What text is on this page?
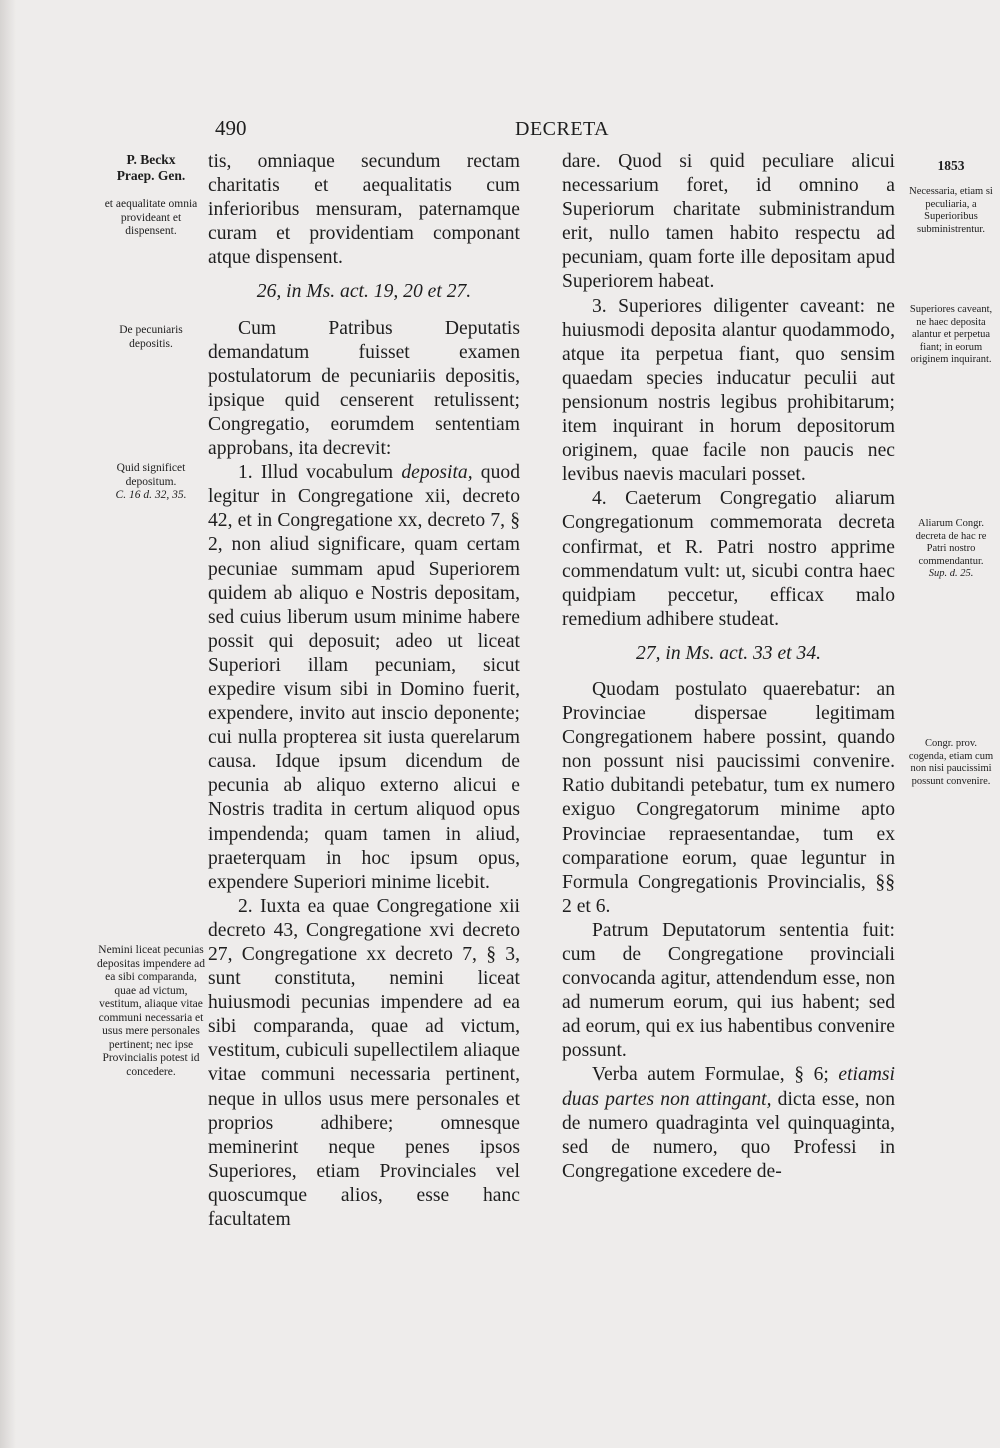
490	DECRETA
P. Beckx
Praep. Gen.
et aequalitate omnia provideant et dispensent.
De pecuniaris depositis.
Quid significet depositum.
C. 16 d. 32, 35.
Nemini liceat pecunias depositas impendere ad ea sibi comparanda, quae ad victum, vestitum, aliaque vitae communi necessaria et usus mere personales pertinent; nec ipse Provincialis potest id concedere.
1853
Necessaria, etiam si peculiaria, a Superioribus subministrentur.
Superiores caveant, ne haec deposita alantur et perpetua fiant; in eorum originem inquirant.
Aliarum Congr. decreta de hac re Patri nostro commendantur.
Sup. d. 25.
Congr. prov. cogenda, etiam cum non nisi paucissimi possunt convenire.

tis, omniaque secundum rectam charitatis et aequalitatis cum inferioribus mensuram, paternamque curam et providentiam componant atque dispensent.

26, in Ms. act. 19, 20 et 27.

Cum Patribus Deputatis demandatum fuisset examen postulatorum de pecuniariis depositis, ipsique quid censerent retulissent; Congregatio, eorumdem sententiam approbans, ita decrevit:

1. Illud vocabulum deposita, quod legitur in Congregatione xii, decreto 42, et in Congregatione xx, decreto 7, § 2, non aliud significare, quam certam pecuniae summam apud Superiorem quidem ab aliquo e Nostris depositam, sed cuius liberum usum minime habere possit qui deposuit; adeo ut liceat Superiori illam pecuniam, sicut expedire visum sibi in Domino fuerit, expendere, invito aut inscio deponente; cui nulla propterea sit iusta querelarum causa. Idque ipsum dicendum de pecunia ab aliquo externo alicui e Nostris tradita in certum aliquod opus impendenda; quam tamen in aliud, praeterquam in hoc ipsum opus, expendere Superiori minime licebit.

2. Iuxta ea quae Congregatione xii decreto 43, Congregatione xvi decreto 27, Congregatione xx decreto 7, § 3, sunt constituta, nemini liceat huiusmodi pecunias impendere ad ea sibi comparanda, quae ad victum, vestitum, cubiculi supellectilem aliaque vitae communi necessaria pertinent, neque in ullos usus mere personales et proprios adhibere; omnesque meminerint neque penes ipsos Superiores, etiam Provinciales vel quoscumque alios, esse hanc facultatem

dare. Quod si quid peculiare alicui necessarium foret, id omnino a Superiorum charitate subministrandum erit, nullo tamen habito respectu ad pecuniam, quam forte ille depositam apud Superiorem habeat.

3. Superiores diligenter caveant: ne huiusmodi deposita alantur quodammodo, atque ita perpetua fiant, quo sensim quaedam species inducatur peculii aut pensionum nostris legibus prohibitarum; item inquirant in horum depositorum originem, quae facile non paucis nec levibus naevis maculari posset.

4. Caeterum Congregatio aliarum Congregationum commemorata decreta confirmat, et R. Patri nostro apprime commendatum vult: ut, sicubi contra haec quidpiam peccetur, efficax malo remedium adhibere studeat.

27, in Ms. act. 33 et 34.

Quodam postulato quaerebatur: an Provinciae dispersae legitimam Congregationem habere possint, quando non possunt nisi paucissimi convenire. Ratio dubitandi petebatur, tum ex numero exiguo Congregatorum minime apto Provinciae repraesentandae, tum ex comparatione eorum, quae leguntur in Formula Congregationis Provincialis, §§ 2 et 6.

Patrum Deputatorum sententia fuit: cum de Congregatione provinciali convocanda agitur, attendendum esse, non ad numerum eorum, qui ius habent; sed ad eorum, qui ex ius habentibus convenire possunt.

Verba autem Formulae, § 6; etiamsi duas partes non attingant, dicta esse, non de numero quadraginta vel quinquaginta, sed de numero, quo Professi in Congregatione excedere de-
